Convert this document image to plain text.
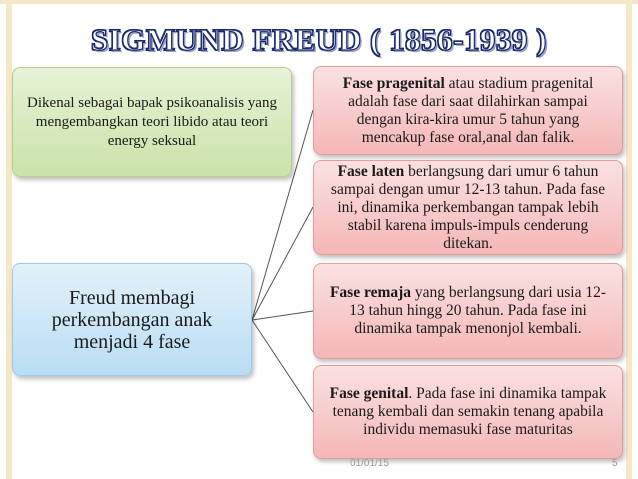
SIGMUND FREUD ( 1856-1939 )
Dikenal sebagai bapak psikoanalisis yang mengembangkan teori libido atau teori energy seksual
Freud membagi perkembangan anak menjadi 4 fase
Fase pragenital atau stadium pragenital adalah fase dari saat dilahirkan sampai dengan kira-kira umur 5 tahun yang mencakup fase oral,anal dan falik.
Fase laten berlangsung dari umur 6 tahun sampai dengan umur 12-13 tahun. Pada fase ini, dinamika perkembangan tampak lebih stabil karena impuls-impuls cenderung ditekan.
Fase remaja yang berlangsung dari usia 12-13 tahun hingg 20 tahun. Pada fase ini dinamika tampak menonjol kembali.
Fase genital. Pada fase ini dinamika tampak tenang kembali dan semakin tenang apabila individu memasuki fase maturitas
01/01/15	5
